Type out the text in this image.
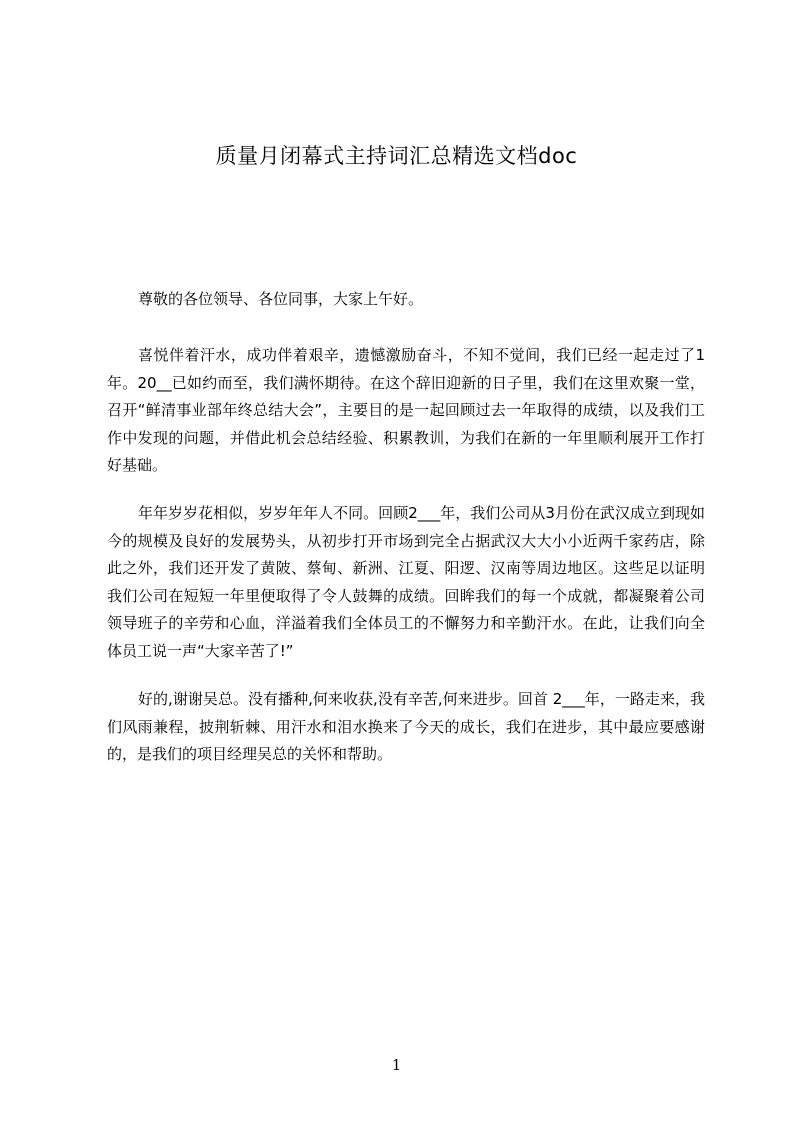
质量月闭幕式主持词汇总精选文档doc

尊敬的各位领导、各位同事，大家上午好。

喜悦伴着汗水，成功伴着艰辛，遗憾激励奋斗，不知不觉间，我们已经一起走过了1年。20__已如约而至，我们满怀期待。在这个辞旧迎新的日子里，我们在这里欢聚一堂，召开“鲜清事业部年终总结大会”，主要目的是一起回顾过去一年取得的成绩，以及我们工作中发现的问题，并借此机会总结经验、积累教训，为我们在新的一年里顺利展开工作打好基础。

年年岁岁花相似，岁岁年年人不同。回顾2___年，我们公司从3月份在武汉成立到现如今的规模及良好的发展势头，从初步打开市场到完全占据武汉大大小小近两千家药店，除此之外，我们还开发了黄陂、蔡甸、新洲、江夏、阳逻、汉南等周边地区。这些足以证明我们公司在短短一年里便取得了令人鼓舞的成绩。回眸我们的每一个成就，都凝聚着公司领导班子的辛劳和心血，洋溢着我们全体员工的不懈努力和辛勤汗水。在此，让我们向全体员工说一声“大家辛苦了!”

好的,谢谢吴总。没有播种,何来收获,没有辛苦,何来进步。回首 2___年，一路走来，我们风雨兼程，披荆斩棘、用汗水和泪水换来了今天的成长，我们在进步，其中最应要感谢的，是我们的项目经理吴总的关怀和帮助。

1
